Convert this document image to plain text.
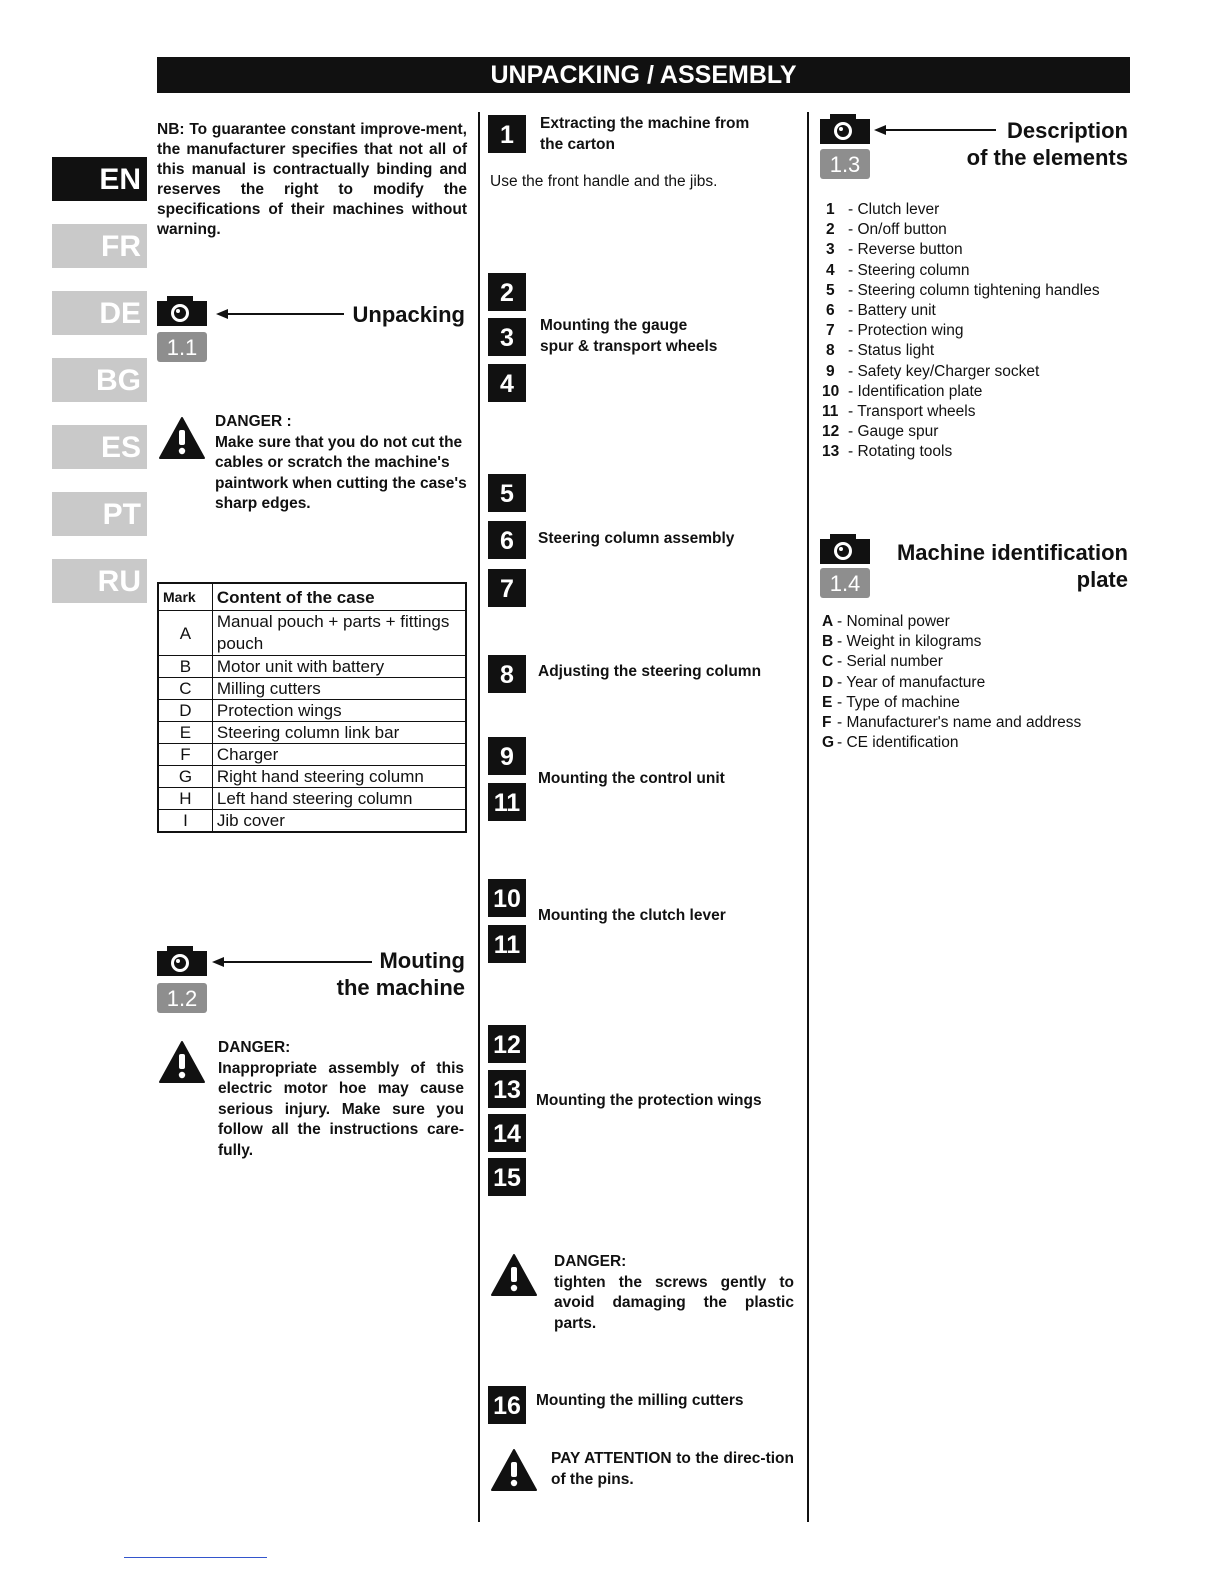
UNPACKING / ASSEMBLY
EN
FR
DE
BG
ES
PT
RU
NB: To guarantee constant improve-ment, the manufacturer specifies that not all of this manual is contractually binding and reserves the right to modify the specifications of their machines without warning.
1.1
Unpacking
DANGER :
Make sure that you do not cut the cables or scratch the machine's paintwork when cutting the case's sharp edges.
Mark	Content of the case
A	Manual pouch + parts + fittings pouch
B	Motor unit with battery
C	Milling cutters
D	Protection wings
E	Steering column link bar
F	Charger
G	Right hand steering column
H	Left hand steering column
I	Jib cover
1.2
Mouting
the machine
DANGER:
Inappropriate assembly of this electric motor hoe may cause serious injury. Make sure you follow all the instructions care-fully.
1	Extracting the machine from
the carton
Use the front handle and the jibs.
2
3
4
Mounting the gauge
spur & transport wheels
5
6
7
Steering column assembly
8	Adjusting the steering column
9
11
Mounting the control unit
10
11
Mounting the clutch lever
12
13
14
15
Mounting the protection wings
DANGER:
tighten the screws gently to avoid damaging the plastic parts.
16 Mounting the milling cutters
PAY ATTENTION to the direc-tion of the pins.
1.3
Description
of the elements
1 - Clutch lever
2 - On/off button
3 - Reverse button
4 - Steering column
5 - Steering column tightening handles
6 - Battery unit
7 - Protection wing
8 - Status light
9 - Safety key/Charger socket
10 - Identification plate
11 - Transport wheels
12 - Gauge spur
13 - Rotating tools
1.4
Machine identification
plate
A - Nominal power
B - Weight in kilograms
C - Serial number
D - Year of manufacture
E - Type of machine
F - Manufacturer's name and address
G - CE identification
